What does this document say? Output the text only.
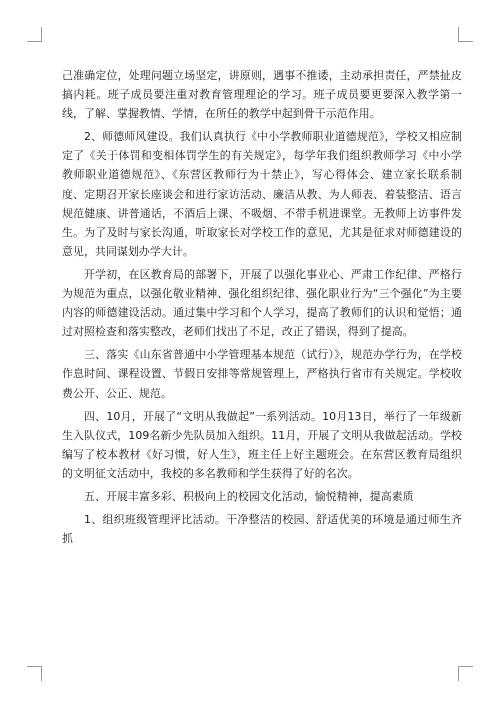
己准确定位，处理问题立场坚定，讲原则，遇事不推诿，主动承担责任，严禁扯皮搞内耗。班子成员要注重对教育管理理论的学习。班子成员要更要深入教学第一线，了解、掌握教情、学情，在所任的教学中起到骨干示范作用。

2、师德师风建设。我们认真执行《中小学教师职业道德规范》，学校又相应制定了《关于体罚和变相体罚学生的有关规定》，每学年我们组织教师学习《中小学教师职业道德规范》、《东营区教师行为十禁止》，写心得体会、建立家长联系制度、定期召开家长座谈会和进行家访活动、廉洁从教、为人师表、着装整洁、语言规范健康、讲普通话，不酒后上课、不吸烟、不带手机进课堂。无教师上访事件发生。为了及时与家长沟通，听取家长对学校工作的意见，尤其是征求对师德建设的意见，共同谋划办学大计。

开学初，在区教育局的部署下，开展了以强化事业心、严肃工作纪律、严格行为规范为重点，以强化敬业精神、强化组织纪律、强化职业行为“三个强化”为主要内容的师德建设活动。通过集中学习和个人学习，提高了教师们的认识和觉悟；通过对照检查和落实整改，老师们找出了不足，改正了错误，得到了提高。

三、落实《山东省普通中小学管理基本规范（试行）》，规范办学行为，在学校作息时间、课程设置、节假日安排等常规管理上，严格执行省市有关规定。学校收费公开、公正、规范。

四、10月，开展了“文明从我做起”一系列活动。10月13日，举行了一年级新生入队仪式，109名新少先队员加入组织。11月，开展了文明从我做起活动。学校编写了校本教材《好习惯，好人生》，班主任上好主题班会。在东营区教育局组织的文明征文活动中，我校的多名教师和学生获得了好的名次。

五、开展丰富多彩、积极向上的校园文化活动，愉悦精神，提高素质

1、组织班级管理评比活动。干净整洁的校园、舒适优美的环境是通过师生齐抓
